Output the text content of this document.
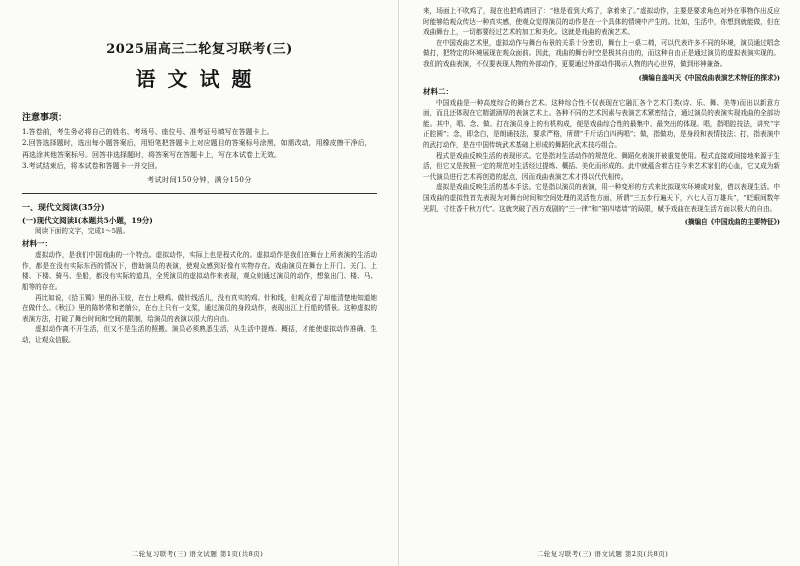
2025届高三二轮复习联考(三)

语文试题

注意事项：

1.答卷前，考生务必将自己的姓名、考场号、座位号、准考证号填写在答题卡上。

2.回答选择题时，选出每小题答案后，用铅笔把答题卡上对应题目的答案标号涂黑，如需改动，用橡皮擦干净后，再选涂其他答案标号。回答非选择题时，将答案写在答题卡上，写在本试卷上无效。

3.考试结束后，将本试卷和答题卡一并交回。

考试时间150分钟，满分150分

一、现代文阅读(35分)

(一)现代文阅读Ⅰ(本题共5小题，19分)

阅读下面的文字，完成1～5题。

材料一：

虚拟动作，是我们中国戏曲的一个特点。虚拟动作，实际上也是程式化的。虚拟动作是我们在舞台上所表演的生活动作，都是在没有实际东西的情况下，借助演员的表演，使观众感到好像有实物存在。戏曲演员在舞台上开门、关门、上楼、下楼、骑马、坐船，都没有实际的道具，全凭演员的虚拟动作来表现，观众则通过演员的动作，想象出门、楼、马、船等的存在。

再比如说，《拾玉镯》里的孙玉姣，在台上喂鸡、做针线活儿，没有真实的鸡、针和线，但观众看了却能清楚地知道她在做什么。《秋江》里的陈妙常和老艄公，在台上只有一支桨，通过演员的身段动作，表现出江上行船的情景。这种虚拟的表演方法，打破了舞台时间和空间的限制，给演员的表演以很大的自由。

虚拟动作离不开生活，但又不是生活的照搬。演员必须熟悉生活，从生活中提炼、概括，才能使虚拟动作准确、生动，让观众信服。

二轮复习联考(三) 语文试题 第1页(共8页)

来，场面上不吹鸡了，现在也把鸡请回了：“他是看到大鸡了，拿着来了。”虚拟动作，主要是要求角色对外在事物作出反应时能够给观众传达一种真实感，使观众觉得演员的动作是在一个具体的情境中产生的。比如，生活中，你想到就能做，但在戏曲舞台上，一切都要经过艺术的加工和美化。这就是戏曲的表演艺术。

在中国戏曲艺术里，虚拟动作与舞台布景的关系十分密切，舞台上一桌二椅，可以代表许多不同的环境，演员通过唱念做打，把特定的环境展现在观众面前。因此，戏曲的舞台时空是极其自由的，而这种自由正是通过演员的虚拟表演实现的。我们的戏曲表演，不仅要表现人物的外部动作，更要通过外部动作揭示人物的内心世界，做到形神兼备。

(摘编自盖叫天《中国戏曲表演艺术特征的探求》)

材料二：

中国戏曲是一种高度综合的舞台艺术。这种综合性不仅表现在它融汇各个艺术门类(诗、乐、舞、美等)而出以新意方面，而且还体现在它精湛涵厚的表演艺术上。各种不同的艺术因素与表演艺术紧密结合，通过演员的表演实现戏曲的全部功能。其中，唱、念、做、打在演员身上的有机构成，便是戏曲综合性的最集中、最突出的体现。唱，指唱腔技法，讲究“字正腔圆”；念，即念白，是朗诵技法，要求严格，所谓“千斤话白四两唱”；做，指做功，是身段和表情技法；打，指表演中的武打动作，是在中国传统武术基础上形成的舞蹈化武术技巧组合。

程式是戏曲反映生活的表现形式。它是指对生活动作的规范化、舞蹈化表演并被重复使用。程式直接或间接地来源于生活，但它又是按照一定的规范对生活经过提炼、概括、美化而形成的。此中就蕴含着古往今来艺术家们的心血，它又成为新一代演员进行艺术再创造的起点，因而戏曲表演艺术才得以代代相传。

虚拟是戏曲反映生活的基本手法。它是指以演员的表演，用一种变形的方式来比拟现实环境或对象，借以表现生活。中国戏曲的虚拟性首先表现为对舞台时间和空间处理的灵活性方面，所谓“三五步行遍天下，六七人百万雄兵”，“眨眼间数年光阴，寸炷香千秋万代”。这就突破了西方戏剧的“三一律”和“第四堵墙”的局限，赋予戏曲在表现生活方面以极大的自由。

(摘编自《中国戏曲的主要特征》)

二轮复习联考(三) 语文试题 第2页(共8页)
